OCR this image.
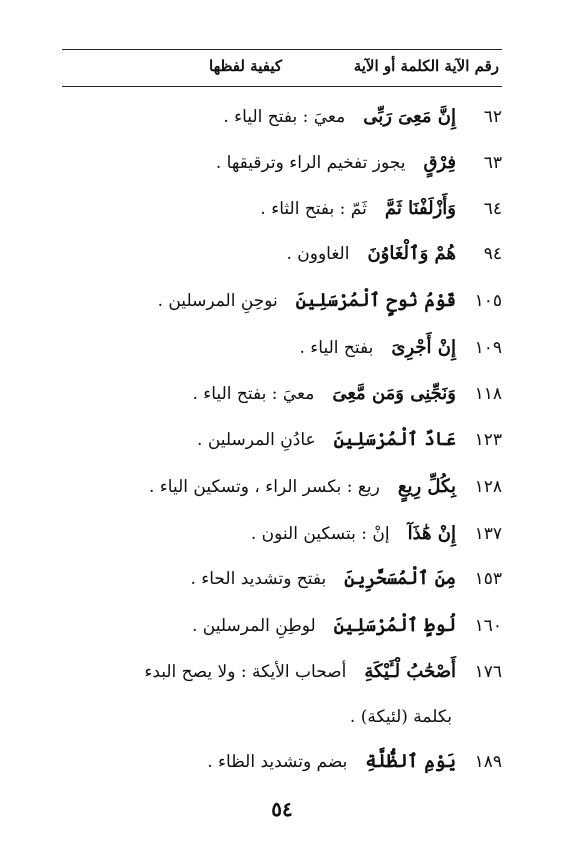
رقم الآية الكلمة أو الآية
كيفية لفظها
٦٢إِنَّ مَعِىَ رَبِّىمعيَ : بفتح الياء .
٦٣فِرْقٍيجوز تفخيم الراء وترقيقها .
٦٤وَأَزْلَفْنَا ثَمَّثَمّ : بفتح الثاء .
٩٤هُمْ وَٱلْغَاوُنَالغاوون .
١٠٥قَوْمُ نُوحٍ ٱلْمُرْسَلِينَنوحِنِ المرسلين .
١٠٩إِنْ أَجْرِىَبفتح الياء .
١١٨وَنَجِّنِى وَمَن مَّعِىَمعيَ : بفتح الياء .
١٢٣عَادٌ ٱلْمُرْسَلِينَعادُنِ المرسلين .
١٢٨بِكُلِّ رِيعٍريع : بكسر الراء ، وتسكين الياء .
١٣٧إِنْ هَٰذَآإنْ : بتسكين النون .
١٥٣مِنَ ٱلْمُسَحَّرِينَبفتح وتشديد الحاء .
١٦٠لُوطٍ ٱلْمُرْسَلِينَلوطِنِ المرسلين .
١٧٦أَصْحَٰبُ لْـَٔيْكَةِأصحاب الأيكة : ولا يصح البدء
بكلمة (لئيكة) .
١٨٩يَوْمِ ٱلظُّلَّةِبضم وتشديد الظاء .
٥٤
